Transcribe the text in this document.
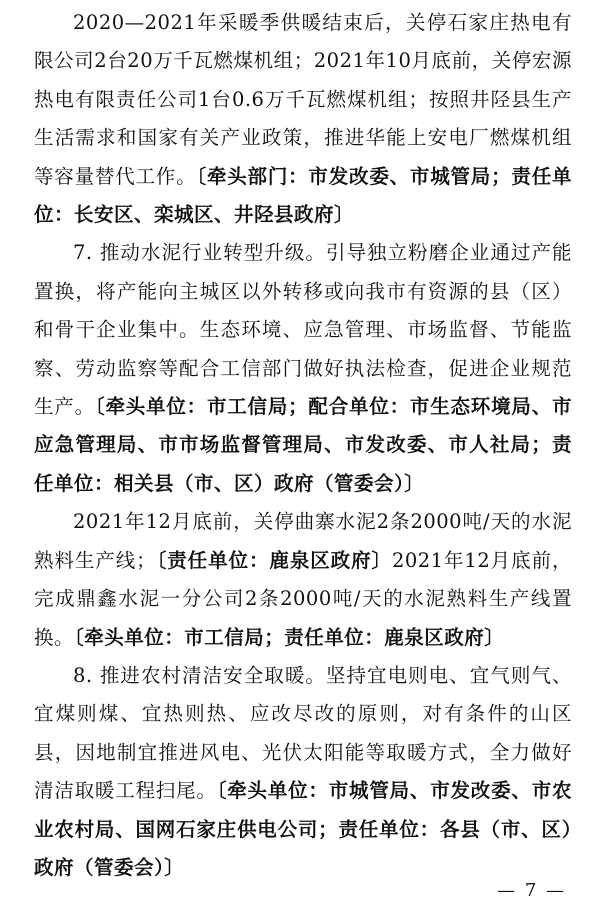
2020—2021年采暖季供暖结束后，关停石家庄热电有限公司2台20万千瓦燃煤机组；2021年10月底前，关停宏源热电有限责任公司1台0.6万千瓦燃煤机组；按照井陉县生产生活需求和国家有关产业政策，推进华能上安电厂燃煤机组等容量替代工作。〔牵头部门：市发改委、市城管局；责任单位：长安区、栾城区、井陉县政府〕

7. 推动水泥行业转型升级。引导独立粉磨企业通过产能置换，将产能向主城区以外转移或向我市有资源的县（区）和骨干企业集中。生态环境、应急管理、市场监督、节能监察、劳动监察等配合工信部门做好执法检查，促进企业规范生产。〔牵头单位：市工信局；配合单位：市生态环境局、市应急管理局、市市场监督管理局、市发改委、市人社局；责任单位：相关县（市、区）政府（管委会）〕

2021年12月底前，关停曲寨水泥2条2000吨/天的水泥熟料生产线；〔责任单位：鹿泉区政府〕2021年12月底前，完成鼎鑫水泥一分公司2条2000吨/天的水泥熟料生产线置换。〔牵头单位：市工信局；责任单位：鹿泉区政府〕

8. 推进农村清洁安全取暖。坚持宜电则电、宜气则气、宜煤则煤、宜热则热、应改尽改的原则，对有条件的山区县，因地制宜推进风电、光伏太阳能等取暖方式，全力做好清洁取暖工程扫尾。〔牵头单位：市城管局、市发改委、市农业农村局、国网石家庄供电公司；责任单位：各县（市、区）政府（管委会）〕

— 7 —
